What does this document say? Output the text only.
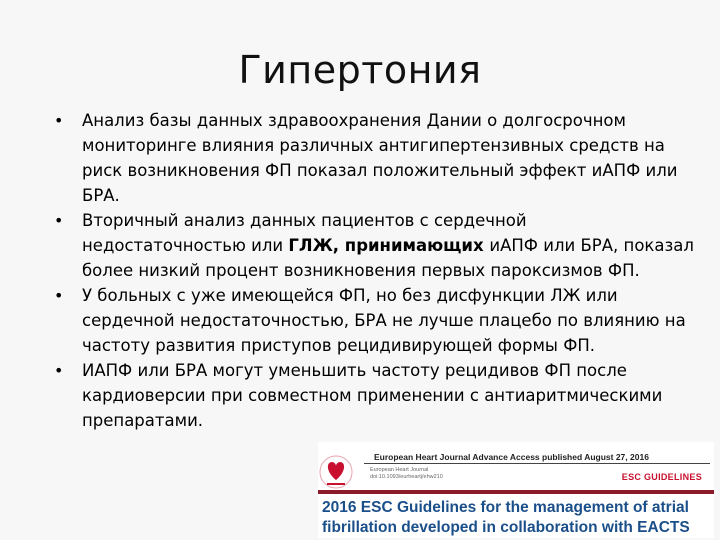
Гипертония
• Анализ базы данных здравоохранения Дании о долгосрочном мониторинге влияния различных антигипертензивных средств на риск возникновения ФП показал положительный эффект иАПФ или БРА.
• Вторичный анализ данных пациентов с сердечной недостаточностью или ГЛЖ, принимающих иАПФ или БРА, показал более низкий процент возникновения первых пароксизмов ФП.
• У больных с уже имеющейся ФП, но без дисфункции ЛЖ или сердечной недостаточностью, БРА не лучше плацебо по влиянию на частоту развития приступов рецидивирующей формы ФП.
• ИАПФ или БРА могут уменьшить частоту рецидивов ФП после кардиоверсии при совместном применении с антиаритмическими препаратами.
European Heart Journal Advance Access published August 27, 2016
European Heart Journal
doi:10.1093/eurheartj/ehw210	ESC GUIDELINES
2016 ESC Guidelines for the management of atrial
fibrillation developed in collaboration with EACTS
